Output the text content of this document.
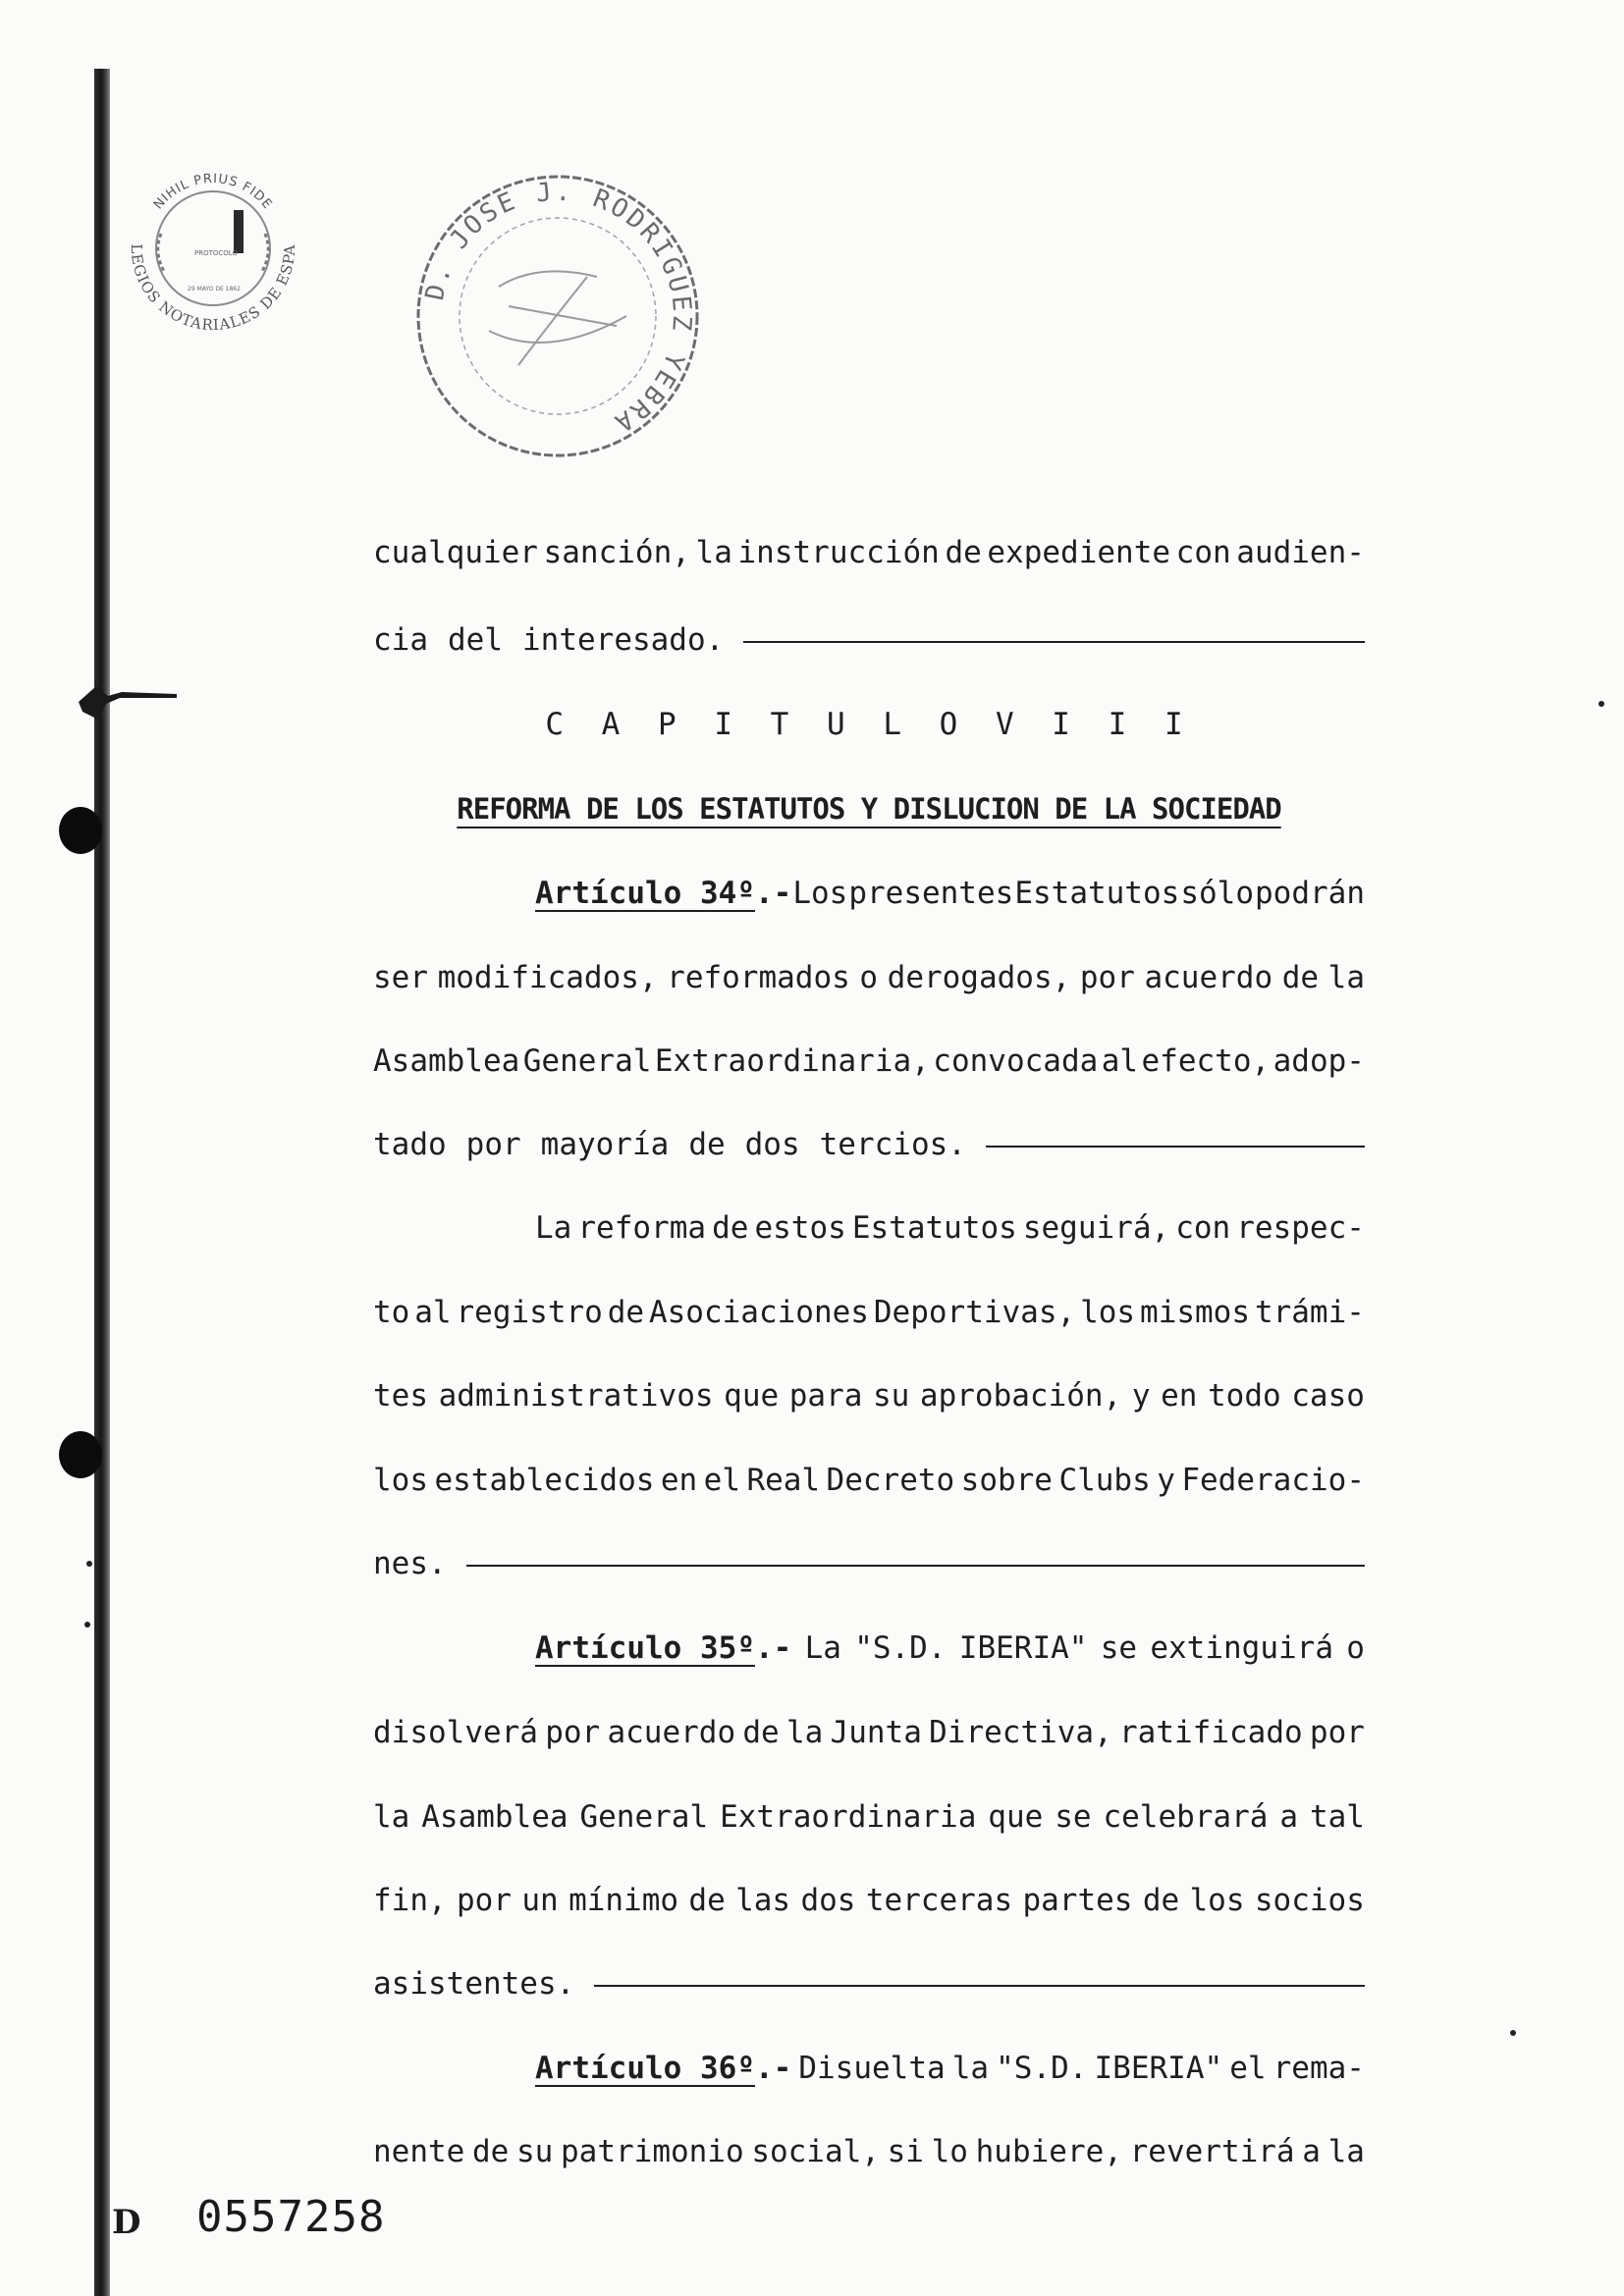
NIHIL PRIUS FIDE
LEGIOS NOTARIALES DE ESPA
PROTOCOLO
29 MAYO DE 1862	D. JOSE J. RODRIGUEZ YEBRA
cualquier sanción, la instrucción de expediente con audien-
cia del interesado.
C A P I T U L O V I I I
REFORMA DE LOS ESTATUTOS Y DISLUCION DE LA SOCIEDAD
Artículo 34º.- Los presentes Estatutos sólo podrán
ser modificados, reformados o derogados, por acuerdo de la
Asamblea General Extraordinaria, convocada al efecto, adop-
tado por mayoría de dos tercios.
La reforma de estos Estatutos seguirá, con respec-
to al registro de Asociaciones Deportivas, los mismos trámi-
tes administrativos que para su aprobación, y en todo caso
los establecidos en el Real Decreto sobre Clubs y Federacio-
nes.
Artículo 35º.- La "S.D. IBERIA" se extinguirá o
disolverá por acuerdo de la Junta Directiva, ratificado por
la Asamblea General Extraordinaria que se celebrará a tal
fin, por un mínimo de las dos terceras partes de los socios
asistentes.
Artículo 36º.- Disuelta la "S.D. IBERIA" el rema-
nente de su patrimonio social, si lo hubiere, revertirá a la
D 0557258
